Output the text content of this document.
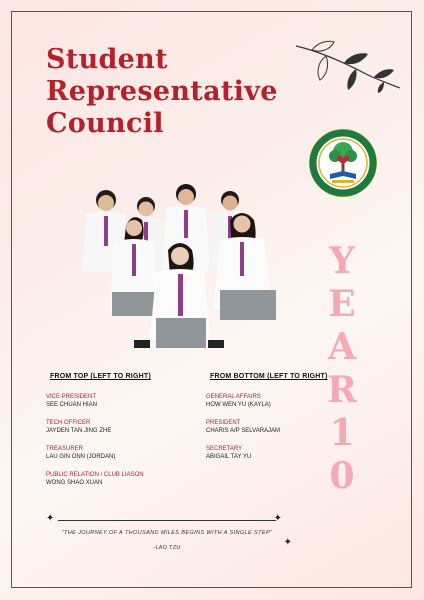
Student
Representative
Council
Y
E
A
R
1
0
FROM TOP (LEFT TO RIGHT)
VICE PRESIDENT
SEE CHUAN HIAN
TECH OFFICER
JAYDEN TAN JING ZHE
TREASURER
LAU GIN ONN (JORDAN)
PUBLIC RELATION / CLUB LIASON
WONG SHAO XUAN
FROM BOTTOM (LEFT TO RIGHT)
GENERAL AFFAIRS
HOW WEN YU (KAYLA)
PRESIDENT
CHARIS A/P SELVARAJAM
SECRETARY
ABIGAIL TAY YU
✦	✦
✦
"THE JOURNEY OF A THOUSAND MILES BEGINS WITH A SINGLE STEP"
-LAO TZU
